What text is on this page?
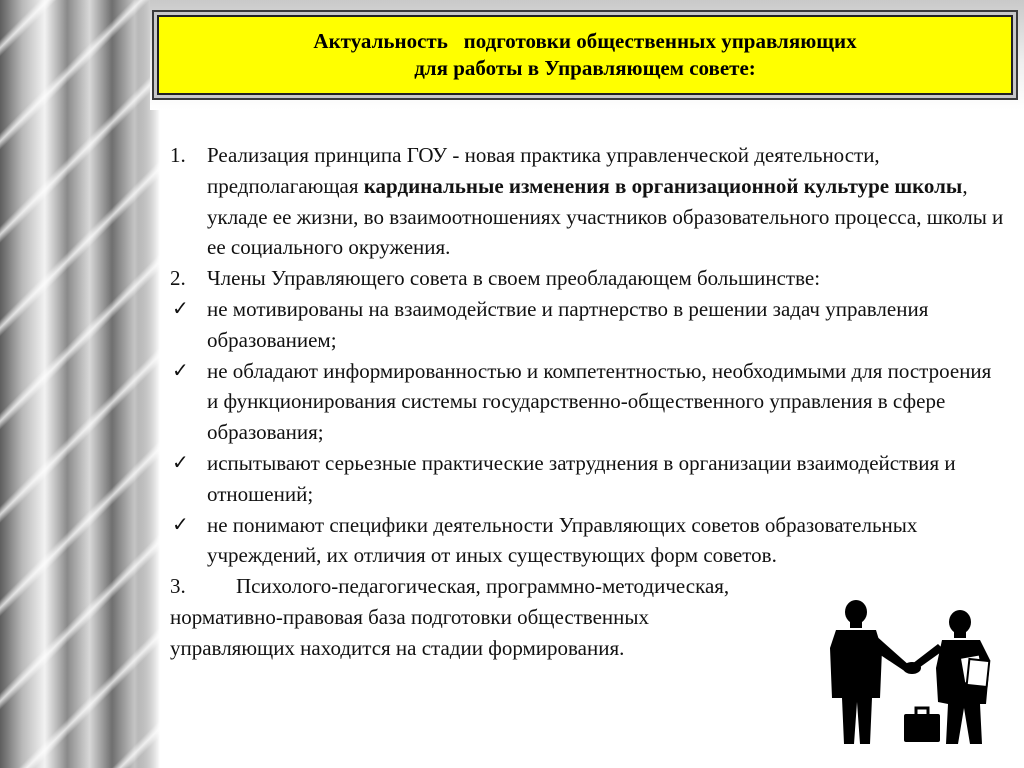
Актуальность   подготовки общественных управляющих
для работы в Управляющем совете:
1. Реализация принципа ГОУ - новая практика управленческой деятельности, предполагающая кардинальные изменения в организационной культуре школы, укладе ее жизни, во взаимоотношениях участников образовательного процесса, школы и ее социального окружения.
2. Члены Управляющего совета в своем преобладающем большинстве:
✓ не мотивированы на взаимодействие и партнерство в решении задач управления образованием;
✓ не обладают информированностью и компетентностью, необходимыми для построения и функционирования системы государственно-общественного управления в сфере образования;
✓ испытывают серьезные практические затруднения в организации взаимодействия и отношений;
✓ не понимают специфики деятельности Управляющих советов образовательных учреждений, их отличия от иных существующих форм советов.
3. Психолого-педагогическая, программно-методическая,
нормативно-правовая база подготовки общественных
управляющих находится на стадии формирования.
